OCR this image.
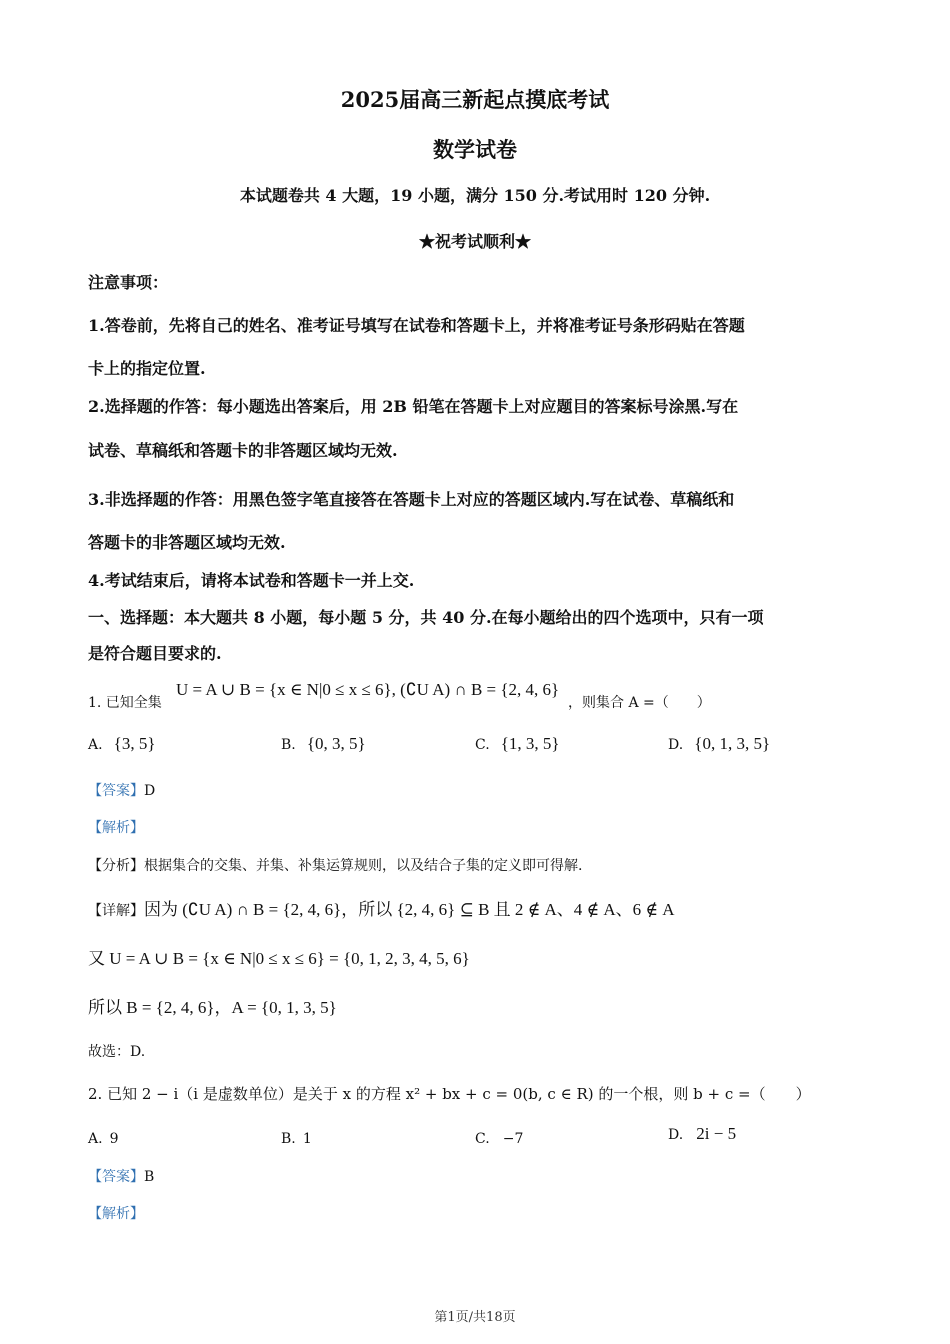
2025届高三新起点摸底考试
数学试卷
本试题卷共 4 大题，19 小题，满分 150 分.考试用时 120 分钟.
★祝考试顺利★
注意事项：
1.答卷前，先将自己的姓名、准考证号填写在试卷和答题卡上，并将准考证号条形码贴在答题
卡上的指定位置.
2.选择题的作答：每小题选出答案后，用 2B 铅笔在答题卡上对应题目的答案标号涂黑.写在
试卷、草稿纸和答题卡的非答题区域均无效.
3.非选择题的作答：用黑色签字笔直接答在答题卡上对应的答题区域内.写在试卷、草稿纸和
答题卡的非答题区域均无效.
4.考试结束后，请将本试卷和答题卡一并上交.
一、选择题：本大题共 8 小题，每小题 5 分，共 40 分.在每小题给出的四个选项中，只有一项
是符合题目要求的.
1. 已知全集
U = A ∪ B = {x ∈ N|0 ≤ x ≤ 6}, (∁U A) ∩ B = {2, 4, 6}
，则集合 A =（　　）
A. {3, 5}	B. {0, 3, 5}	C. {1, 3, 5}	D. {0, 1, 3, 5}
【答案】D
【解析】
【分析】根据集合的交集、并集、补集运算规则，以及结合子集的定义即可得解.
【详解】因为 (∁U A) ∩ B = {2, 4, 6}，所以 {2, 4, 6} ⊆ B 且 2 ∉ A、4 ∉ A、6 ∉ A
又 U = A ∪ B = {x ∈ N|0 ≤ x ≤ 6} = {0, 1, 2, 3, 4, 5, 6}
所以 B = {2, 4, 6}，A = {0, 1, 3, 5}
故选：D.
2. 已知 2 − i（i 是虚数单位）是关于 x 的方程 x² + bx + c = 0(b, c ∈ R) 的一个根，则 b + c =（　　）
A. 9	B. 1	C. −7	D. 2i − 5
【答案】B
【解析】
第1页/共18页
